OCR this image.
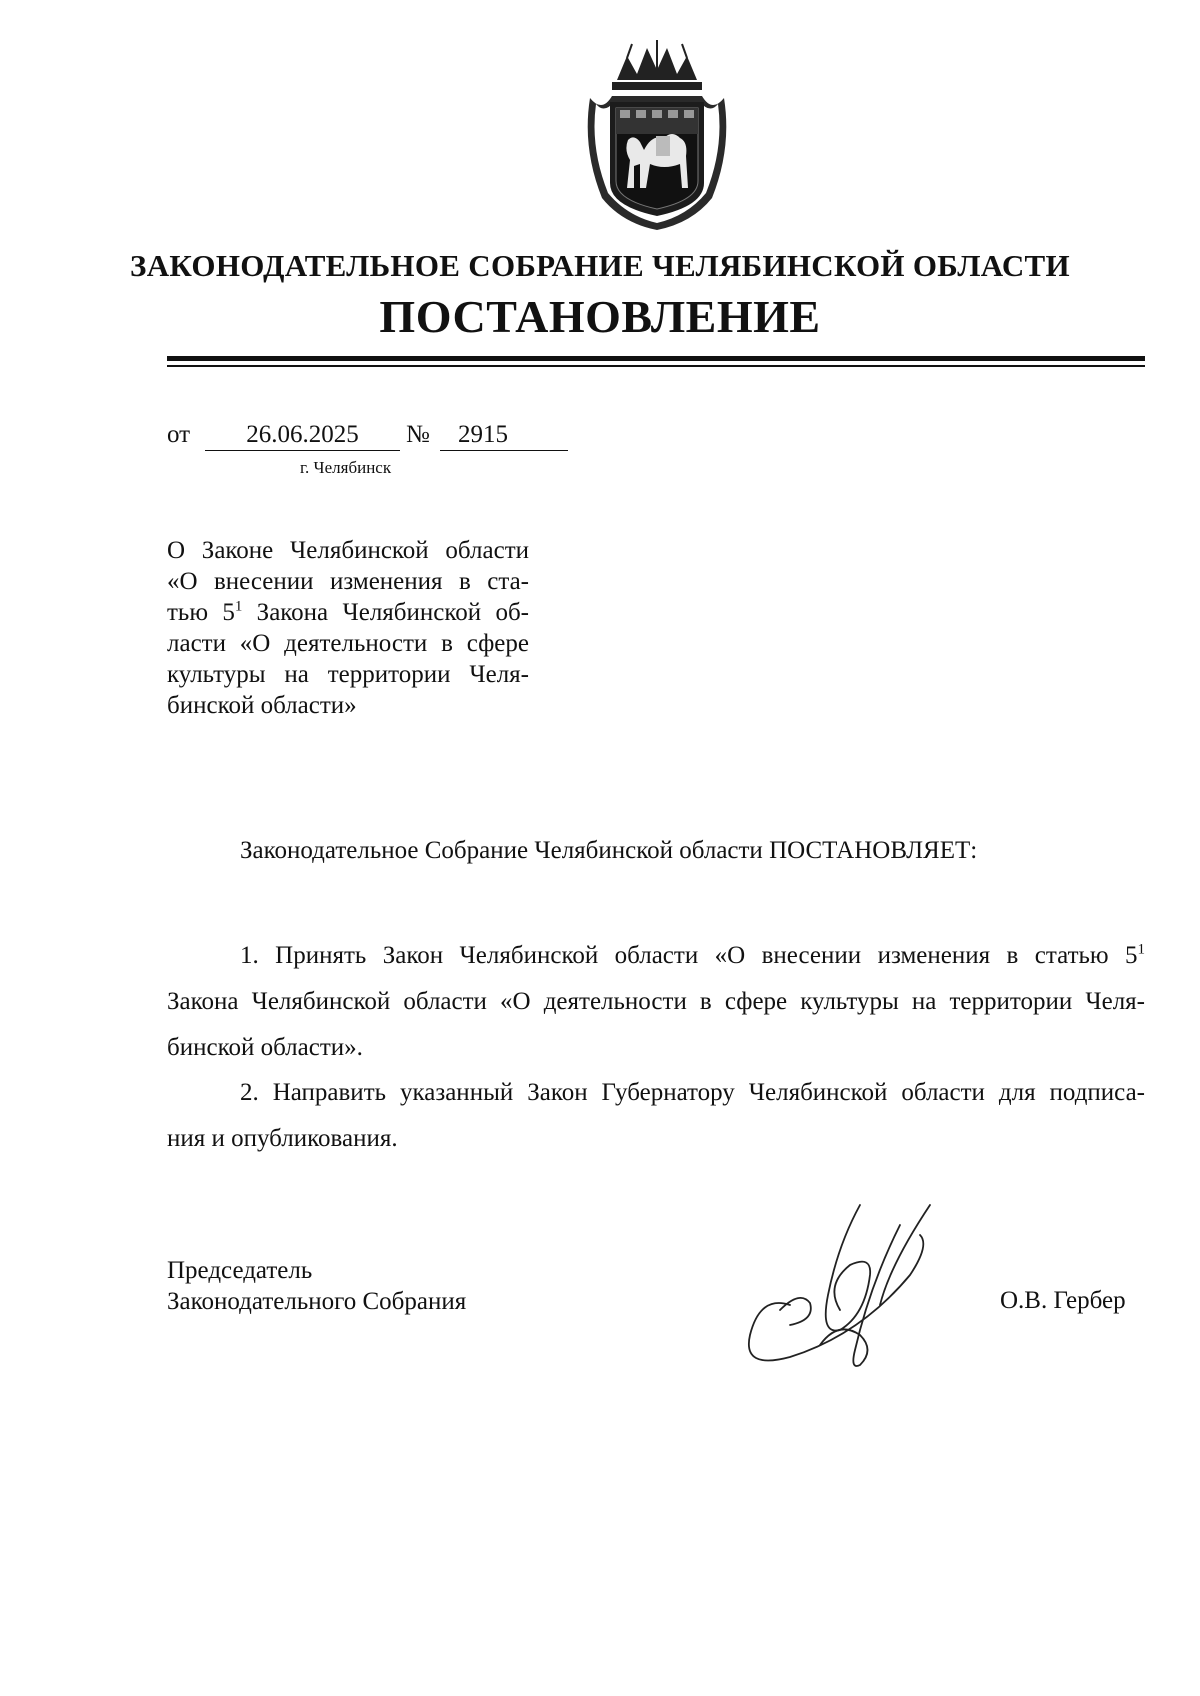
ЗАКОНОДАТЕЛЬНОЕ СОБРАНИЕ ЧЕЛЯБИНСКОЙ ОБЛАСТИ
ПОСТАНОВЛЕНИЕ
от	26.06.2025	№	2915
г. Челябинск
О Законе Челябинской области
«О внесении изменения в ста-
тью $5^1$ Закона Челябинской об-
ласти «О деятельности в сфере
культуры на территории Челя-
бинской области»
Законодательное Собрание Челябинской области ПОСТАНОВЛЯЕТ:
1. Принять Закон Челябинской области «О внесении изменения в статью $5^1$
Закона Челябинской области «О деятельности в сфере культуры на территории Челя-
бинской области».
2. Направить указанный Закон Губернатору Челябинской области для подписа-
ния и опубликования.
Председатель
Законодательного Собрания	О.В. Гербер
